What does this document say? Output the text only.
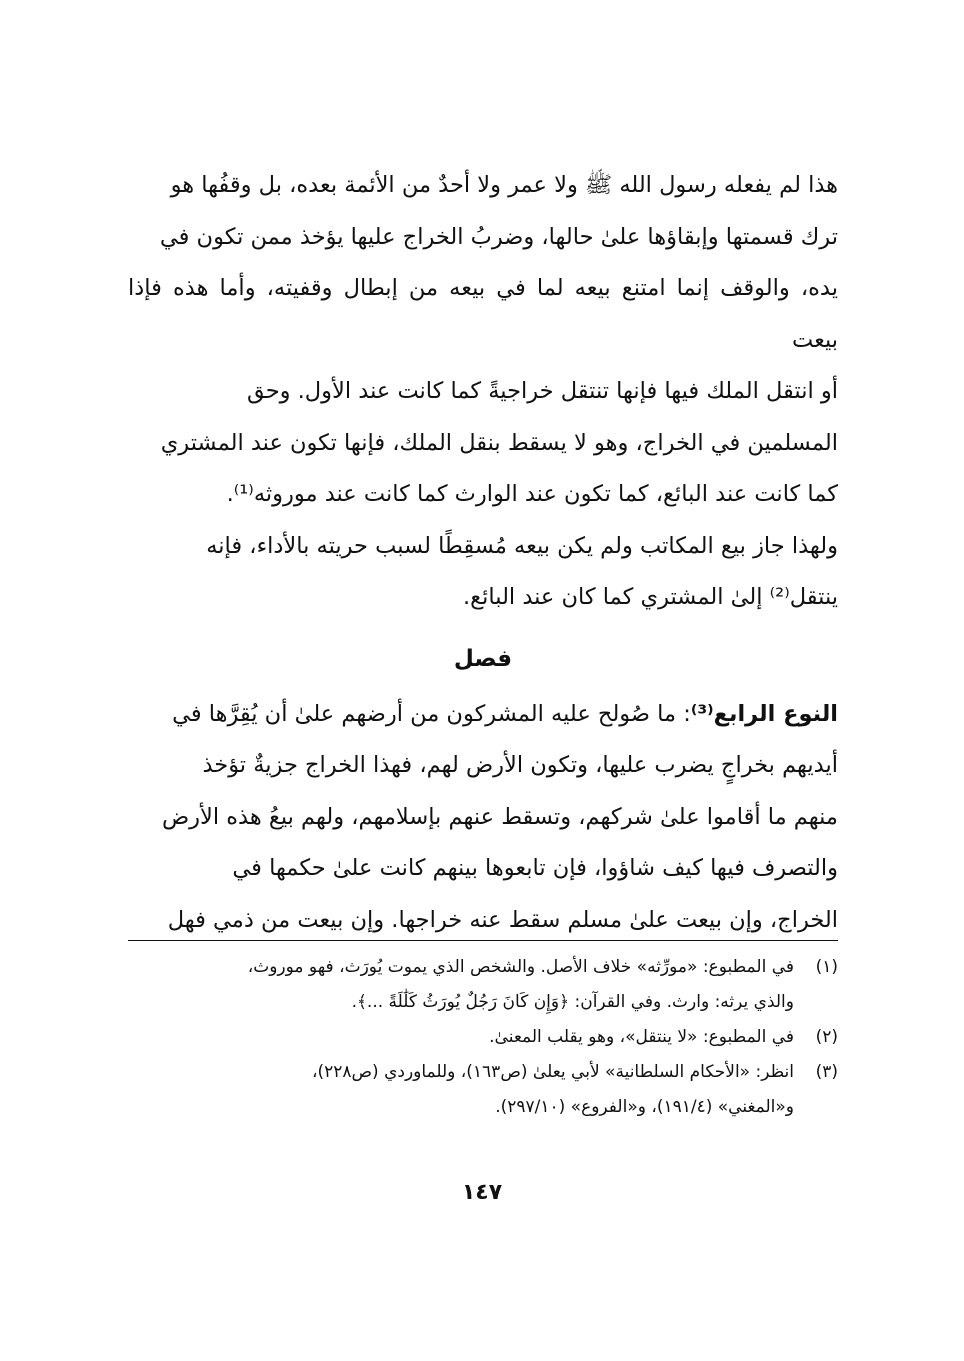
هذا لم يفعله رسول الله ﷺ ولا عمر ولا أحدٌ من الأئمة بعده، بل وقفُها هو
ترك قسمتها وإبقاؤها علىٰ حالها، وضربُ الخراج عليها يؤخذ ممن تكون في
يده، والوقف إنما امتنع بيعه لما في بيعه من إبطال وقفيته، وأما هذه فإذا بيعت
أو انتقل الملك فيها فإنها تنتقل خراجيةً كما كانت عند الأول. وحق
المسلمين في الخراج، وهو لا يسقط بنقل الملك، فإنها تكون عند المشتري
كما كانت عند البائع، كما تكون عند الوارث كما كانت عند موروثه⁽¹⁾.
ولهذا جاز بيع المكاتب ولم يكن بيعه مُسقِطًا لسبب حريته بالأداء، فإنه
ينتقل⁽²⁾ إلىٰ المشتري كما كان عند البائع.

فصل

النوع الرابع⁽³⁾: ما صُولح عليه المشركون من أرضهم علىٰ أن يُقِرَّها في
أيديهم بخراجٍ يضرب عليها، وتكون الأرض لهم، فهذا الخراج جزيةٌ تؤخذ
منهم ما أقاموا علىٰ شركهم، وتسقط عنهم بإسلامهم، ولهم بيعُ هذه الأرض
والتصرف فيها كيف شاؤوا، فإن تابعوها بينهم كانت علىٰ حكمها في
الخراج، وإن بيعت علىٰ مسلم سقط عنه خراجها. وإن بيعت من ذمي فهل

(١)
في المطبوع: «مورِّثه» خلاف الأصل. والشخص الذي يموت يُورَث، فهو موروث،
والذي يرثه: وارث. وفي القرآن: ﴿وَإِن كَانَ رَجُلٌ يُورَثُ كَلَٰلَةً ...﴾.
(٢)
في المطبوع: «لا ينتقل»، وهو يقلب المعنىٰ.
(٣)
انظر: «الأحكام السلطانية» لأبي يعلىٰ (ص١٦٣)، وللماوردي (ص٢٢٨)،
و«المغني» (١٩١/٤)، و«الفروع» (٢٩٧/١٠).
١٤٧
